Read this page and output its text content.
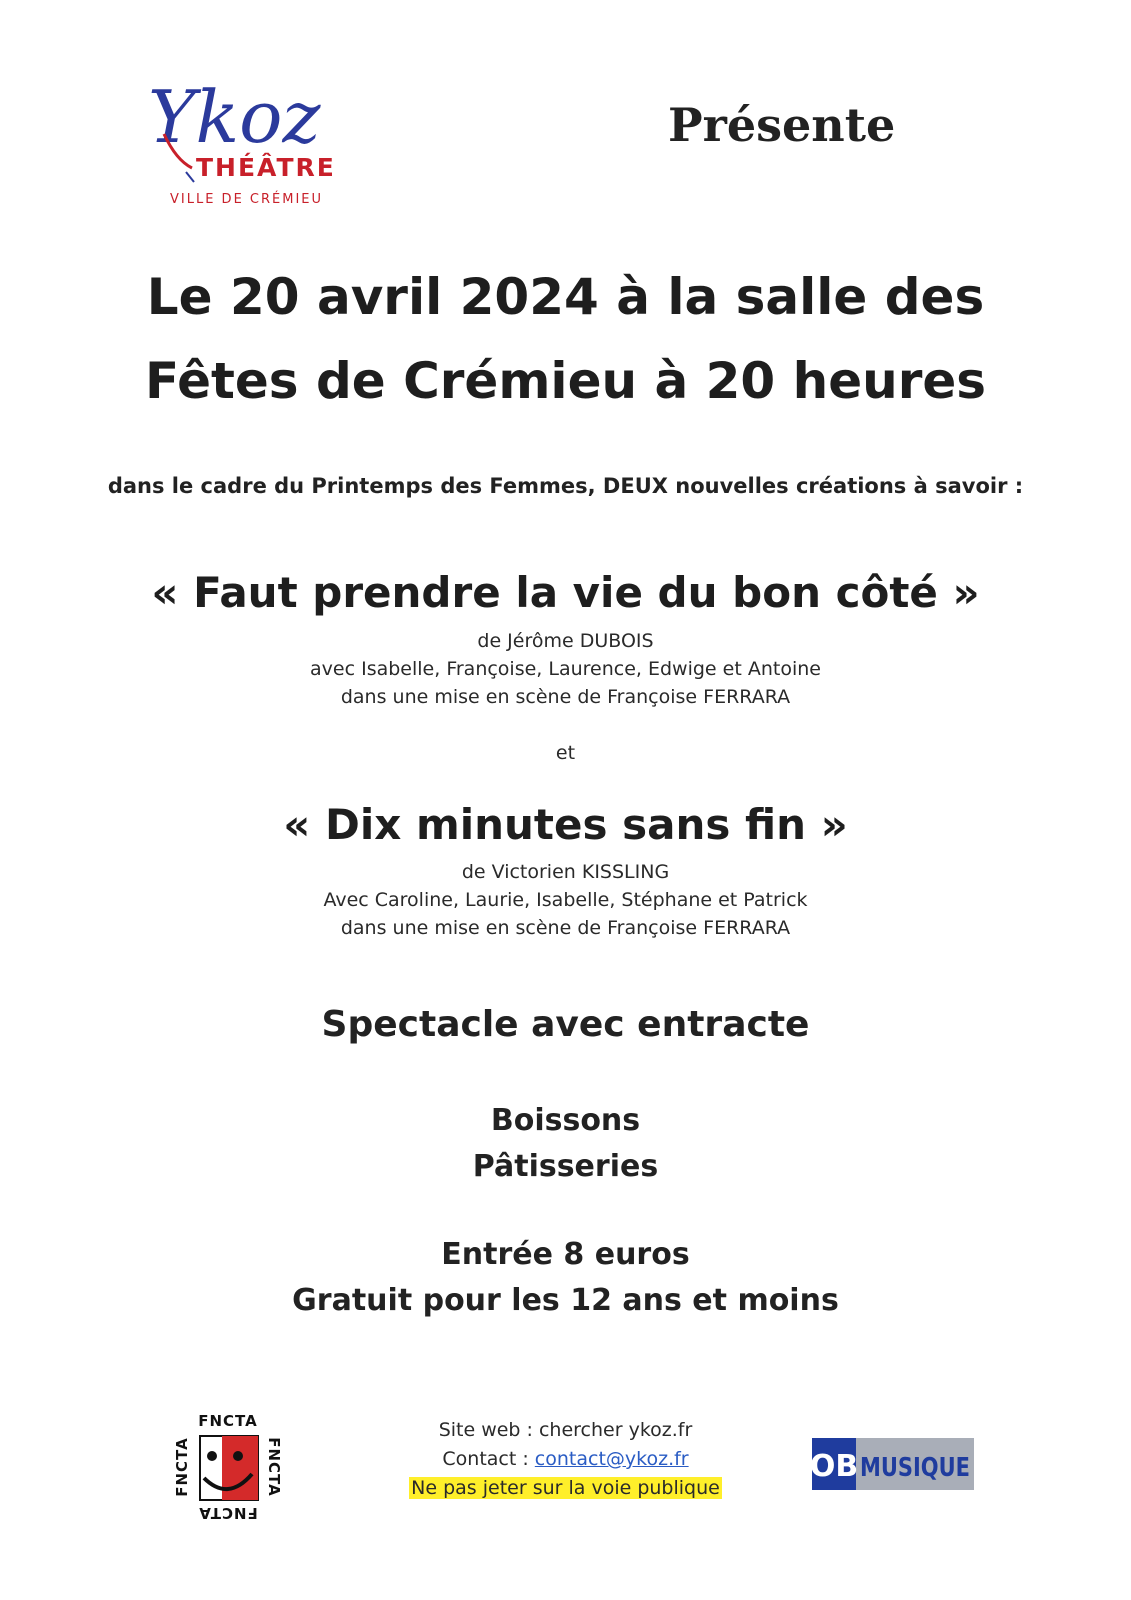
Ykoz
THÉÂTRE
VILLE DE CRÉMIEU
Présente
Le 20 avril 2024 à la salle des
Fêtes de Crémieu à 20 heures
dans le cadre du Printemps des Femmes, DEUX nouvelles créations à savoir :
« Faut prendre la vie du bon côté »
de Jérôme DUBOIS
avec Isabelle, Françoise, Laurence, Edwige et Antoine
dans une mise en scène de Françoise FERRARA
et
« Dix minutes sans fin »
de Victorien KISSLING
Avec Caroline, Laurie, Isabelle, Stéphane et Patrick
dans une mise en scène de Françoise FERRARA
Spectacle avec entracte
Boissons
Pâtisseries
Entrée 8 euros
Gratuit pour les 12 ans et moins
Site web : chercher ykoz.fr
Contact : contact@ykoz.fr
Ne pas jeter sur la voie publique
FNCTA
FNCTA
FNCTA
FNCTA	OB MUSIQUE
